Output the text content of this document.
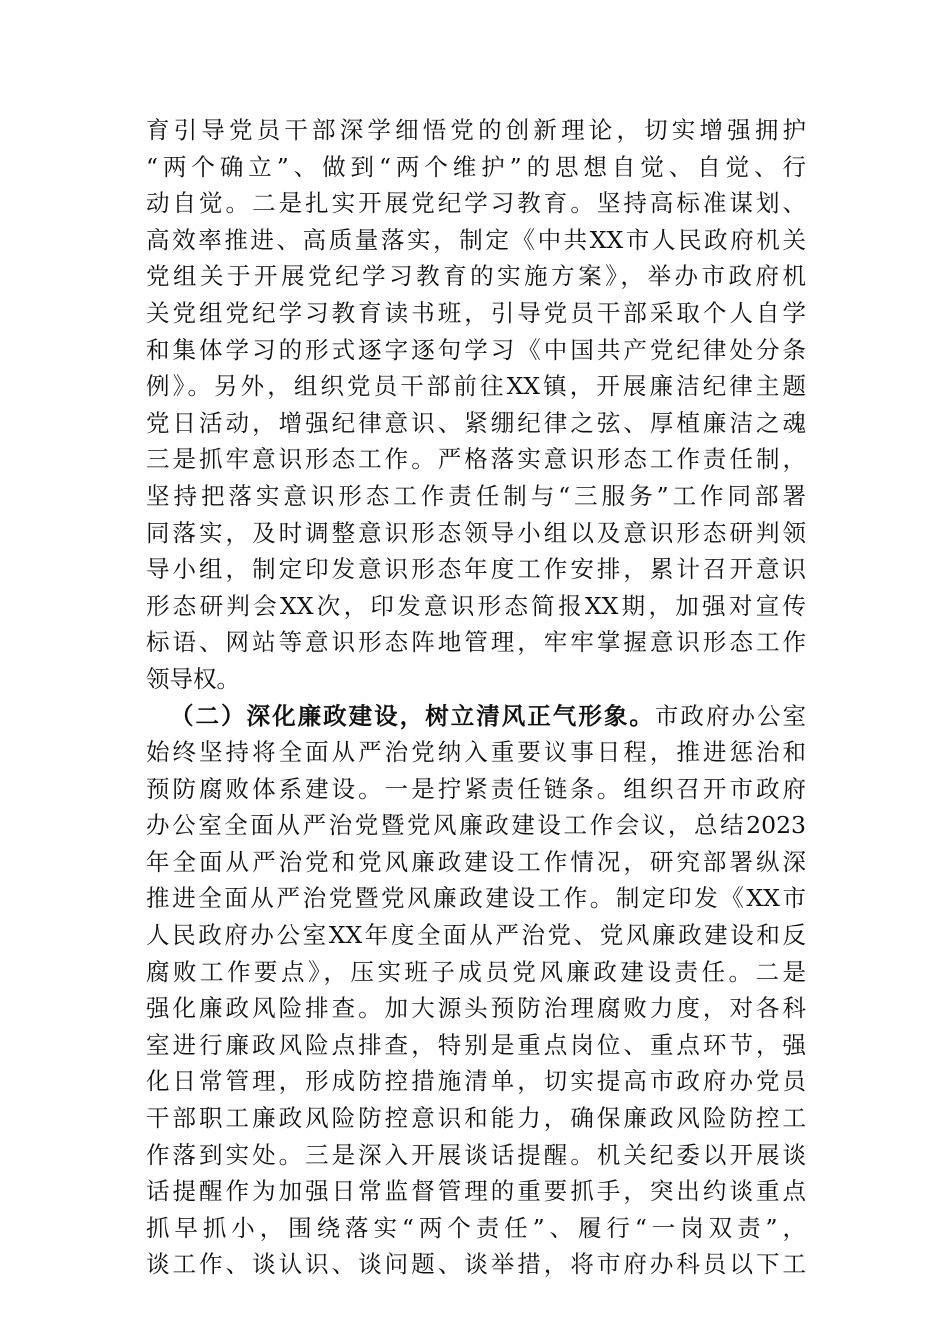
育引导党员干部深学细悟党的创新理论，切实增强拥护
“两个确立”、做到“两个维护”的思想自觉、自觉、行
动自觉。二是扎实开展党纪学习教育。坚持高标准谋划、
高效率推进、高质量落实，制定《中共XX市人民政府机关
党组关于开展党纪学习教育的实施方案》，举办市政府机
关党组党纪学习教育读书班，引导党员干部采取个人自学
和集体学习的形式逐字逐句学习《中国共产党纪律处分条
例》。另外，组织党员干部前往XX镇，开展廉洁纪律主题
党日活动，增强纪律意识、紧绷纪律之弦、厚植廉洁之魂
三是抓牢意识形态工作。严格落实意识形态工作责任制，
坚持把落实意识形态工作责任制与“三服务”工作同部署
同落实，及时调整意识形态领导小组以及意识形态研判领
导小组，制定印发意识形态年度工作安排，累计召开意识
形态研判会XX次，印发意识形态简报XX期，加强对宣传
标语、网站等意识形态阵地管理，牢牢掌握意识形态工作
领导权。
（二）深化廉政建设，树立清风正气形象。市政府办公室
始终坚持将全面从严治党纳入重要议事日程，推进惩治和
预防腐败体系建设。一是拧紧责任链条。组织召开市政府
办公室全面从严治党暨党风廉政建设工作会议，总结2023
年全面从严治党和党风廉政建设工作情况，研究部署纵深
推进全面从严治党暨党风廉政建设工作。制定印发《XX市
人民政府办公室XX年度全面从严治党、党风廉政建设和反
腐败工作要点》，压实班子成员党风廉政建设责任。二是
强化廉政风险排查。加大源头预防治理腐败力度，对各科
室进行廉政风险点排查，特别是重点岗位、重点环节，强
化日常管理，形成防控措施清单，切实提高市政府办党员
干部职工廉政风险防控意识和能力，确保廉政风险防控工
作落到实处。三是深入开展谈话提醒。机关纪委以开展谈
话提醒作为加强日常监督管理的重要抓手，突出约谈重点
抓早抓小，围绕落实“两个责任”、履行“一岗双责”，
谈工作、谈认识、谈问题、谈举措，将市府办科员以下工
